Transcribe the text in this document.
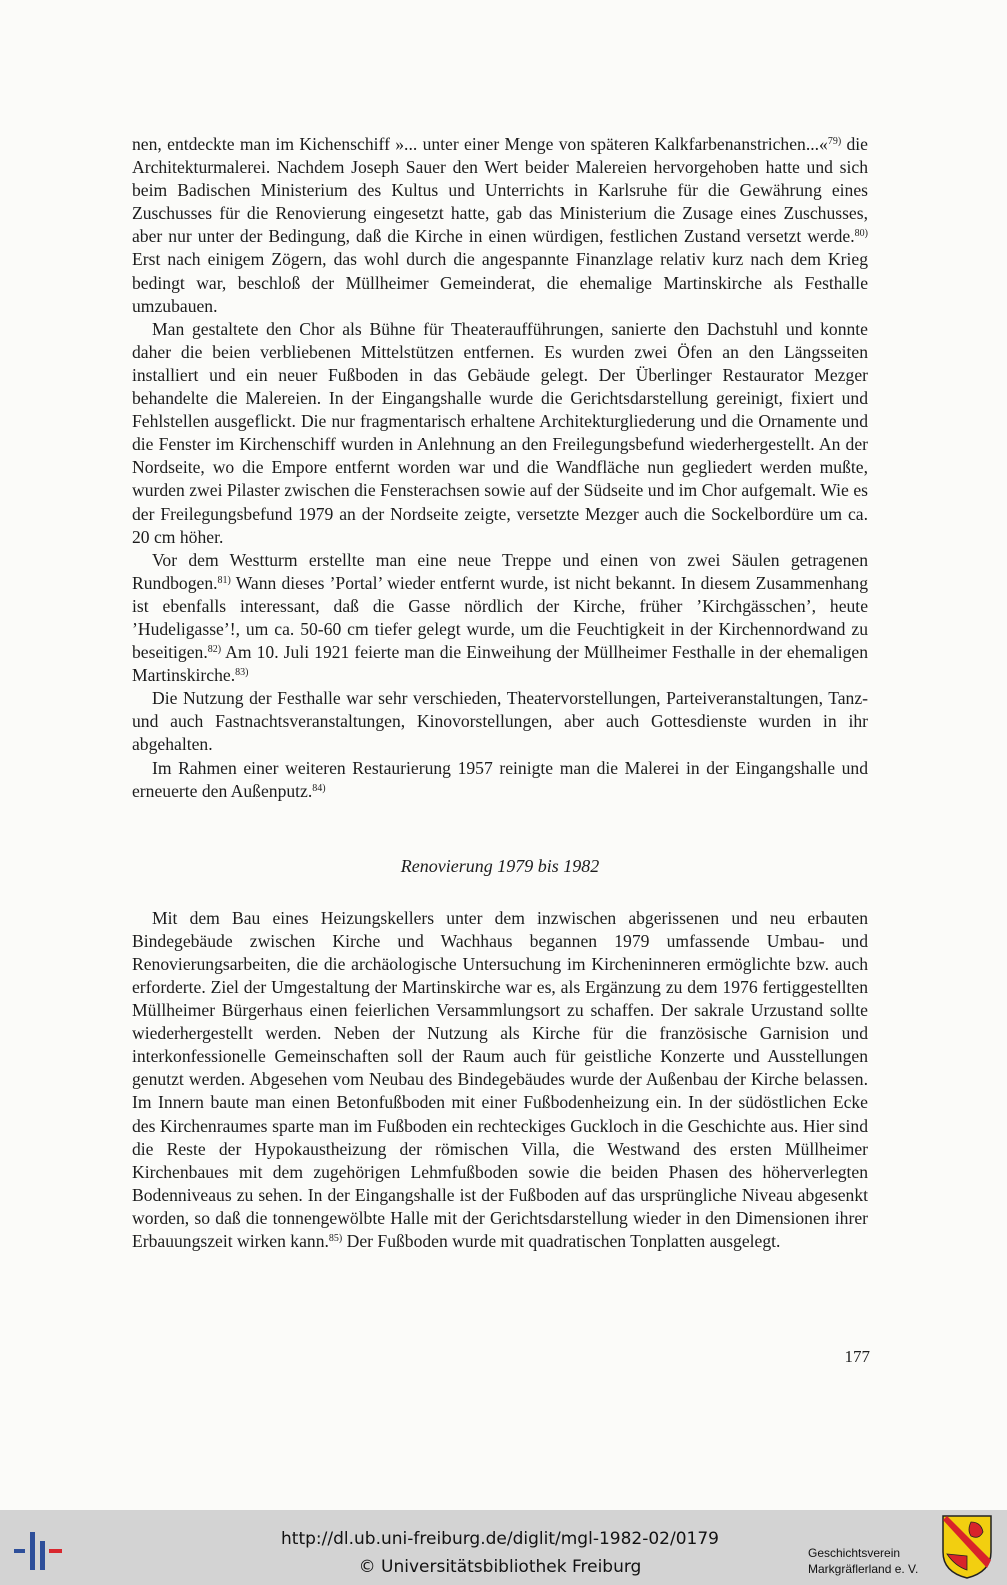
nen, entdeckte man im Kichenschiff »... unter einer Menge von späteren Kalkfarbenanstrichen...«$^{79)}$ die Architekturmalerei. Nachdem Joseph Sauer den Wert beider Malereien hervorgehoben hatte und sich beim Badischen Ministerium des Kultus und Unterrichts in Karlsruhe für die Gewährung eines Zuschusses für die Renovierung eingesetzt hatte, gab das Ministerium die Zusage eines Zuschusses, aber nur unter der Bedingung, daß die Kirche in einen würdigen, festlichen Zustand versetzt werde.$^{80)}$ Erst nach einigem Zögern, das wohl durch die angespannte Finanzlage relativ kurz nach dem Krieg bedingt war, beschloß der Müllheimer Gemeinderat, die ehemalige Martinskirche als Festhalle umzubauen.

Man gestaltete den Chor als Bühne für Theateraufführungen, sanierte den Dachstuhl und konnte daher die beien verbliebenen Mittelstützen entfernen. Es wurden zwei Öfen an den Längsseiten installiert und ein neuer Fußboden in das Gebäude gelegt. Der Überlinger Restaurator Mezger behandelte die Malereien. In der Eingangshalle wurde die Gerichtsdarstellung gereinigt, fixiert und Fehlstellen ausgeflickt. Die nur fragmentarisch erhaltene Architekturgliederung und die Ornamente und die Fenster im Kirchenschiff wurden in Anlehnung an den Freilegungsbefund wiederhergestellt. An der Nordseite, wo die Empore entfernt worden war und die Wandfläche nun gegliedert werden mußte, wurden zwei Pilaster zwischen die Fensterachsen sowie auf der Südseite und im Chor aufgemalt. Wie es der Freilegungsbefund 1979 an der Nordseite zeigte, versetzte Mezger auch die Sockelbordüre um ca. 20 cm höher.

Vor dem Westturm erstellte man eine neue Treppe und einen von zwei Säulen getragenen Rundbogen.$^{81)}$ Wann dieses ’Portal’ wieder entfernt wurde, ist nicht bekannt. In diesem Zusammenhang ist ebenfalls interessant, daß die Gasse nördlich der Kirche, früher ’Kirchgässchen’, heute ’Hudeligasse’!, um ca. 50-60 cm tiefer gelegt wurde, um die Feuchtigkeit in der Kirchennordwand zu beseitigen.$^{82)}$ Am 10. Juli 1921 feierte man die Einweihung der Müllheimer Festhalle in der ehemaligen Martinskirche.$^{83)}$

Die Nutzung der Festhalle war sehr verschieden, Theatervorstellungen, Parteiveranstaltungen, Tanz- und auch Fastnachtsveranstaltungen, Kinovorstellungen, aber auch Gottesdienste wurden in ihr abgehalten.

Im Rahmen einer weiteren Restaurierung 1957 reinigte man die Malerei in der Eingangshalle und erneuerte den Außenputz.$^{84)}$

Renovierung 1979 bis 1982

Mit dem Bau eines Heizungskellers unter dem inzwischen abgerissenen und neu erbauten Bindegebäude zwischen Kirche und Wachhaus begannen 1979 umfassende Umbau- und Renovierungsarbeiten, die die archäologische Untersuchung im Kircheninneren ermöglichte bzw. auch erforderte. Ziel der Umgestaltung der Martinskirche war es, als Ergänzung zu dem 1976 fertiggestellten Müllheimer Bürgerhaus einen feierlichen Versammlungsort zu schaffen. Der sakrale Urzustand sollte wiederhergestellt werden. Neben der Nutzung als Kirche für die französische Garnision und interkonfessionelle Gemeinschaften soll der Raum auch für geistliche Konzerte und Ausstellungen genutzt werden. Abgesehen vom Neubau des Bindegebäudes wurde der Außenbau der Kirche belassen. Im Innern baute man einen Betonfußboden mit einer Fußbodenheizung ein. In der südöstlichen Ecke des Kirchenraumes sparte man im Fußboden ein rechteckiges Guckloch in die Geschichte aus. Hier sind die Reste der Hypokaustheizung der römischen Villa, die Westwand des ersten Müllheimer Kirchenbaues mit dem zugehörigen Lehmfußboden sowie die beiden Phasen des höherverlegten Bodenniveaus zu sehen. In der Eingangshalle ist der Fußboden auf das ursprüngliche Niveau abgesenkt worden, so daß die tonnengewölbte Halle mit der Gerichtsdarstellung wieder in den Dimensionen ihrer Erbauungszeit wirken kann.$^{85)}$ Der Fußboden wurde mit quadratischen Tonplatten ausgelegt.

177
http://dl.ub.uni-freiburg.de/diglit/mgl-1982-02/0179
© Universitätsbibliothek Freiburg
Geschichtsverein
Markgräflerland e. V.
